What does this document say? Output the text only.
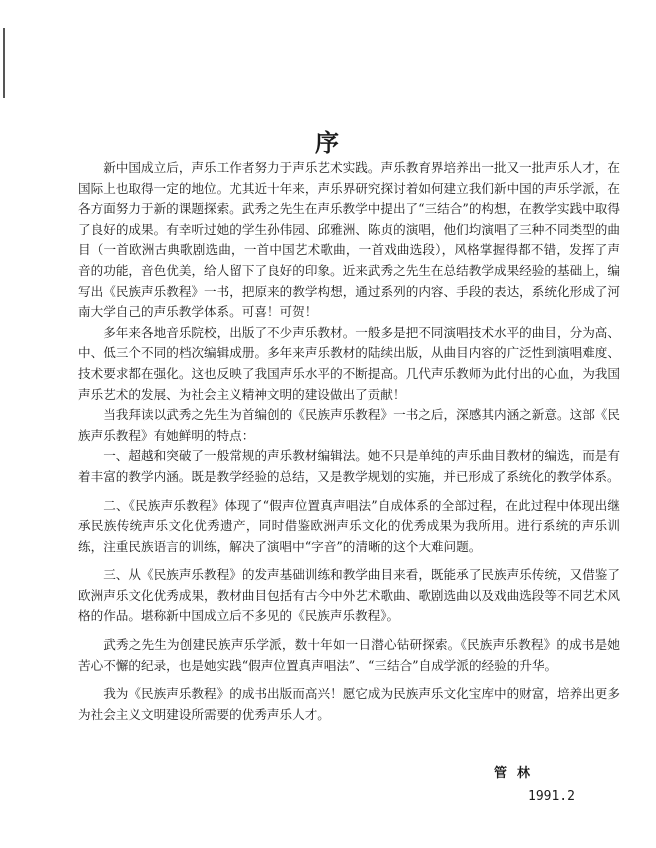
序

新中国成立后，声乐工作者努力于声乐艺术实践。声乐教育界培养出一批又一批声乐人才，在国际上也取得一定的地位。尤其近十年来，声乐界研究探讨着如何建立我们新中国的声乐学派，在各方面努力于新的课题探索。武秀之先生在声乐教学中提出了“三结合”的构想，在教学实践中取得了良好的成果。有幸听过她的学生孙伟园、邱雅洲、陈贞的演唱，他们均演唱了三种不同类型的曲目（一首欧洲古典歌剧选曲，一首中国艺术歌曲，一首戏曲选段），风格掌握得都不错，发挥了声音的功能，音色优美，给人留下了良好的印象。近来武秀之先生在总结教学成果经验的基础上，编写出《民族声乐教程》一书，把原来的教学构想，通过系列的内容、手段的表达，系统化形成了河南大学自己的声乐教学体系。可喜！可贺！

多年来各地音乐院校，出版了不少声乐教材。一般多是把不同演唱技术水平的曲目，分为高、中、低三个不同的档次编辑成册。多年来声乐教材的陆续出版，从曲目内容的广泛性到演唱难度、技术要求都在强化。这也反映了我国声乐水平的不断提高。几代声乐教师为此付出的心血，为我国声乐艺术的发展、为社会主义精神文明的建设做出了贡献！

当我拜读以武秀之先生为首编创的《民族声乐教程》一书之后，深感其内涵之新意。这部《民族声乐教程》有她鲜明的特点：

一、超越和突破了一般常规的声乐教材编辑法。她不只是单纯的声乐曲目教材的编选，而是有着丰富的教学内涵。既是教学经验的总结，又是教学规划的实施，并已形成了系统化的教学体系。

二、《民族声乐教程》体现了“假声位置真声唱法”自成体系的全部过程，在此过程中体现出继承民族传统声乐文化优秀遗产，同时借鉴欧洲声乐文化的优秀成果为我所用。进行系统的声乐训练，注重民族语言的训练，解决了演唱中“字音”的清晰的这个大难问题。

三、从《民族声乐教程》的发声基础训练和教学曲目来看，既能承了民族声乐传统，又借鉴了欧洲声乐文化优秀成果，教材曲目包括有古今中外艺术歌曲、歌剧选曲以及戏曲选段等不同艺术风格的作品。堪称新中国成立后不多见的《民族声乐教程》。

武秀之先生为创建民族声乐学派，数十年如一日潜心钻研探索。《民族声乐教程》的成书是她苦心不懈的纪录，也是她实践“假声位置真声唱法”、“三结合”自成学派的经验的升华。

我为《民族声乐教程》的成书出版而高兴！愿它成为民族声乐文化宝库中的财富，培养出更多为社会主义文明建设所需要的优秀声乐人才。

管林
1991.2
